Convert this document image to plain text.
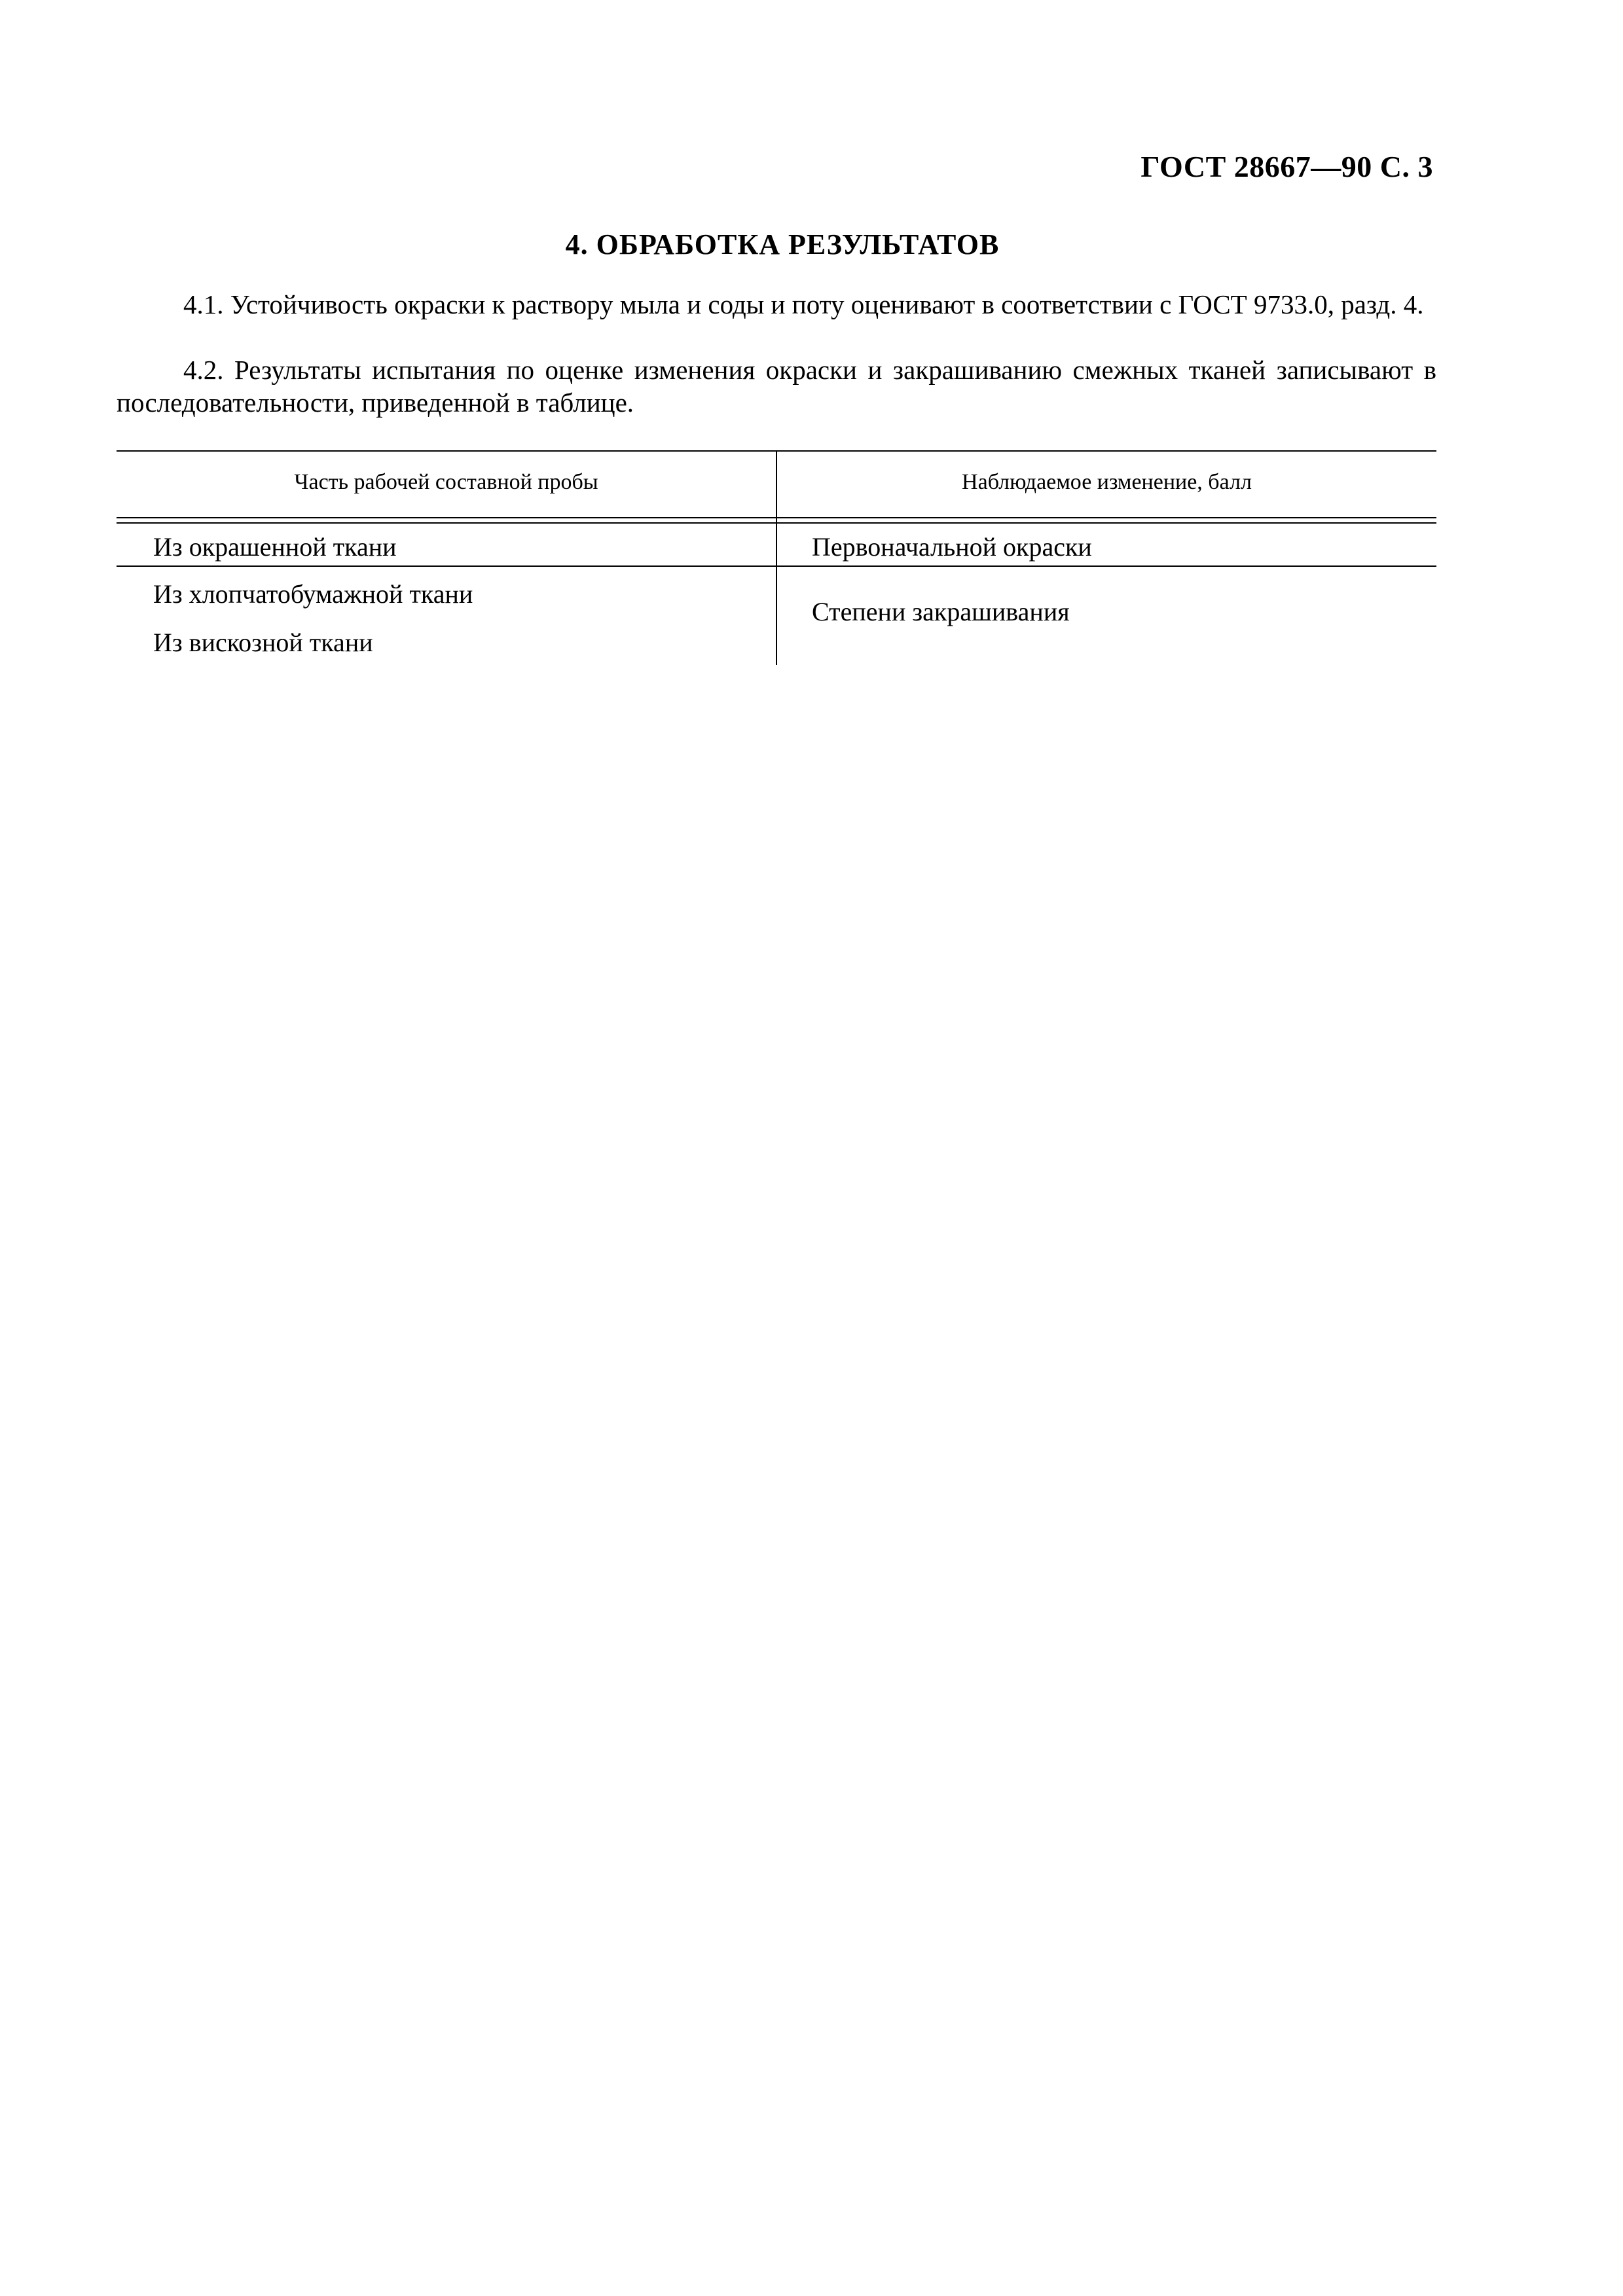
ГОСТ 28667—90 С. 3
4. ОБРАБОТКА РЕЗУЛЬТАТОВ

4.1. Устойчивость окраски к раствору мыла и соды и поту оценивают в соответствии с ГОСТ 9733.0, разд. 4.

4.2. Результаты испытания по оценке изменения окраски и закрашиванию смежных тканей записывают в последовательности, приведенной в таблице.

Часть рабочей составной пробы	Наблюдаемое изменение, балл
Из окрашенной ткани	Первоначальной окраски
Из хлопчатобумажной ткани
Из вискозной ткани
Степени закрашивания
